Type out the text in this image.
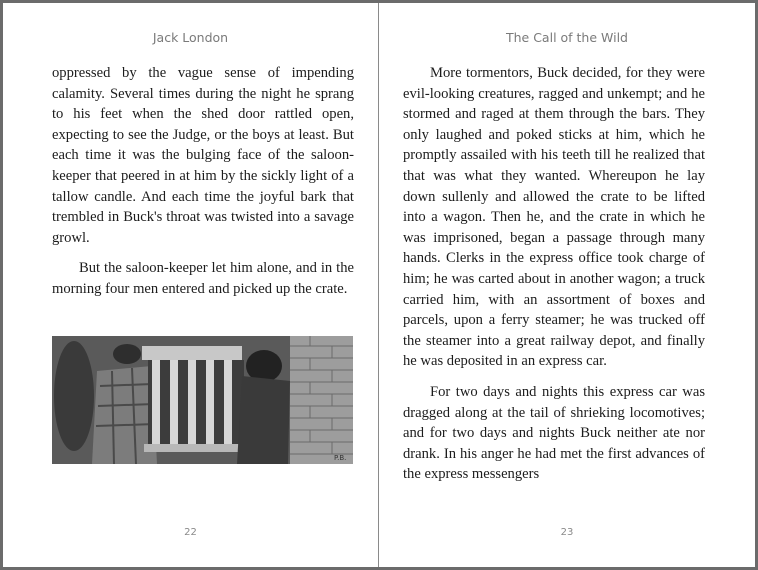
Jack London

oppressed by the vague sense of impending calamity. Several times during the night he sprang to his feet when the shed door rattled open, expecting to see the Judge, or the boys at least. But each time it was the bulging face of the saloon-keeper that peered in at him by the sickly light of a tallow candle. And each time the joyful bark that trembled in Buck's throat was twisted into a savage growl.

But the saloon-keeper let him alone, and in the morning four men entered and picked up the crate.

P.B.
22
The Call of the Wild

More tormentors, Buck decided, for they were evil-looking creatures, ragged and unkempt; and he stormed and raged at them through the bars. They only laughed and poked sticks at him, which he promptly assailed with his teeth till he realized that that was what they wanted. Whereupon he lay down sullenly and allowed the crate to be lifted into a wagon. Then he, and the crate in which he was imprisoned, began a passage through many hands. Clerks in the express office took charge of him; he was carted about in another wagon; a truck carried him, with an assortment of boxes and parcels, upon a ferry steamer; he was trucked off the steamer into a great railway depot, and finally he was deposited in an express car.

For two days and nights this express car was dragged along at the tail of shrieking locomotives; and for two days and nights Buck neither ate nor drank. In his anger he had met the first advances of the express messengers

23
